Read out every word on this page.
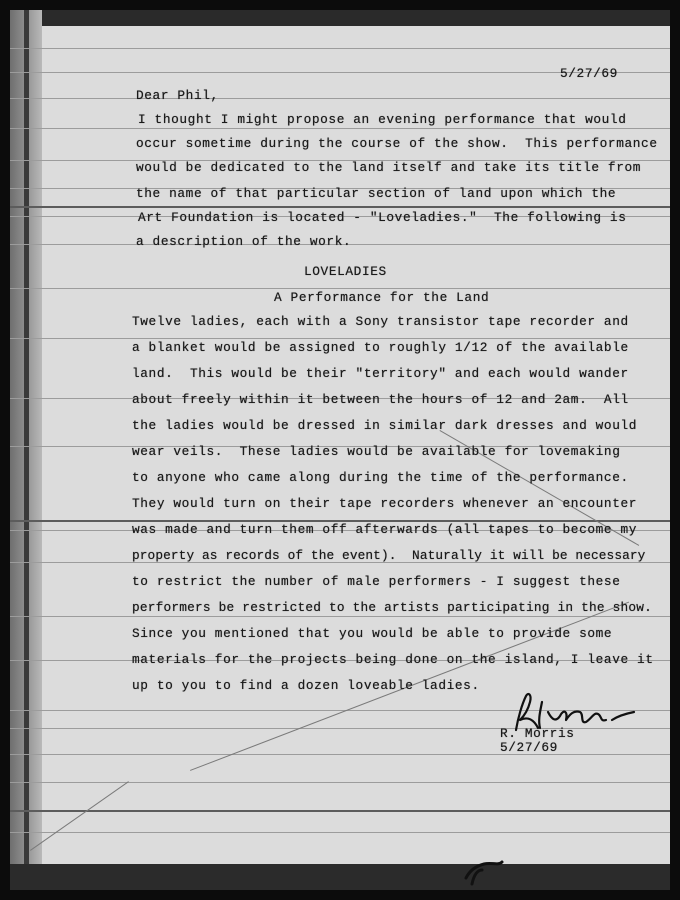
5/27/69
Dear Phil,
I thought I might propose an evening performance that would
occur sometime during the course of the show.  This performance
would be dedicated to the land itself and take its title from
the name of that particular section of land upon which the
Art Foundation is located - "Loveladies."  The following is
a description of the work.
LOVELADIES
A Performance for the Land
Twelve ladies, each with a Sony transistor tape recorder and
a blanket would be assigned to roughly 1/12 of the available
land.  This would be their "territory" and each would wander
about freely within it between the hours of 12 and 2am.  All
the ladies would be dressed in similar dark dresses and would
wear veils.  These ladies would be available for lovemaking
to anyone who came along during the time of the performance.
They would turn on their tape recorders whenever an encounter
was made and turn them off afterwards (all tapes to become my
property as records of the event).  Naturally it will be necessary
to restrict the number of male performers - I suggest these
performers be restricted to the artists participating in the show.
Since you mentioned that you would be able to provide some
materials for the projects being done on the island, I leave it
up to you to find a dozen loveable ladies.
R. Morris
5/27/69
